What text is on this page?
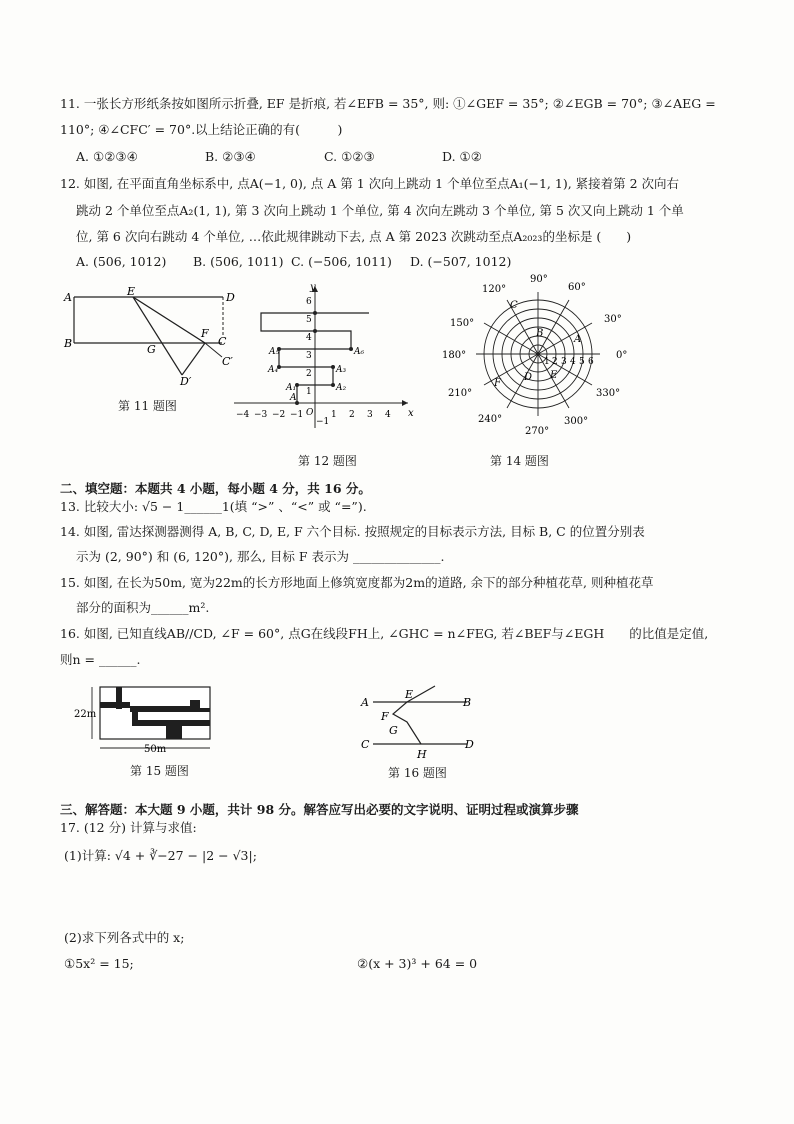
11. 一张长方形纸条按如图所示折叠, EF 是折痕, 若∠EFB = 35°, 则: ①∠GEF = 35°; ②∠EGB = 70°; ③∠AEG =
110°; ④∠CFC′ = 70°.以上结论正确的有(　　　)
A. ①②③④	B. ②③④	C. ①②③	D. ①②
12. 如图, 在平面直角坐标系中, 点A(−1, 0), 点 A 第 1 次向上跳动 1 个单位至点A₁(−1, 1), 紧接着第 2 次向右
跳动 2 个单位至点A₂(1, 1), 第 3 次向上跳动 1 个单位, 第 4 次向左跳动 3 个单位, 第 5 次又向上跳动 1 个单
位, 第 6 次向右跳动 4 个单位, …依此规律跳动下去, 点 A 第 2023 次跳动至点A₂₀₂₃的坐标是 (　　)
A. (506, 1012) B. (506, 1011) C. (−506, 1011) D. (−507, 1012)
A	E	D
B	G
F
C
C′
D′
第 11 题图
y
x
6
5
4
3
2
1
−1
−4 −3 −2 −1 O 1 2 3 4
A₅	A₆
A₄	A₃
A₁	A₂
A
第 12 题图
90°
120°	60°
150°	30°
180°	0°
210°	330°
240°	300°
270°
1 2 3 4 5 6
A
B
C
D E
F
第 14 题图
二、填空题：本题共 4 小题，每小题 4 分，共 16 分。
13. 比较大小: √5 − 1______1(填 “>” 、“<” 或 “=”).
14. 如图, 雷达探测器测得 A, B, C, D, E, F 六个目标. 按照规定的目标表示方法, 目标 B, C 的位置分别表
示为 (2, 90°) 和 (6, 120°), 那么, 目标 F 表示为 ______________.
15. 如图, 在长为50m, 宽为22m的长方形地面上修筑宽度都为2m的道路, 余下的部分种植花草, 则种植花草
部分的面积为______m².
16. 如图, 已知直线AB//CD, ∠F = 60°, 点G在线段FH上, ∠GHC = n∠FEG, 若∠BEF与∠EGH　　的比值是定值,
则n = ______.
22m
50m
第 15 题图
A
E
B
F
G
C
H
D
第 16 题图
三、解答题：本大题 9 小题，共计 98 分。解答应写出必要的文字说明、证明过程或演算步骤
17. (12 分) 计算与求值:
(1)计算: √4 + ∛−27 − |2 − √3|;
(2)求下列各式中的 x;
①5x² = 15;	②(x + 3)³ + 64 = 0
